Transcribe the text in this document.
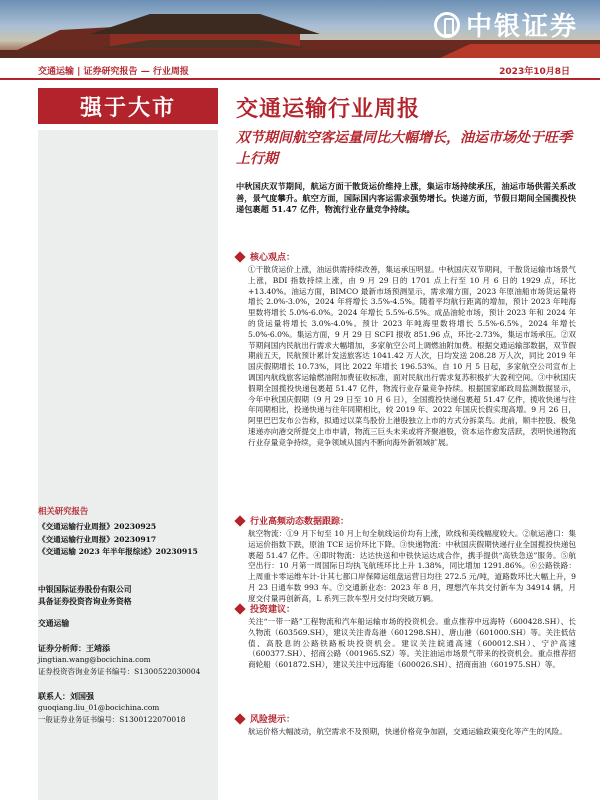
中银证券
交通运输 | 证券研究报告 — 行业周报	2023年10月8日
强于大市	交通运输行业周报
双节期间航空客运量同比大幅增长，油运市场处于旺季上行期
中秋国庆双节期间，航运方面干散货运价维持上涨，集运市场持续承压，油运市场供需关系改善，景气度攀升。航空方面，国际国内客运需求强势增长。快递方面，节假日期间全国揽投快递包裹超 51.47 亿件，物流行业存量竞争持续。
核心观点：
①干散货运价上涨，油运供需持续改善，集运承压明显。中秋国庆双节期间，干散货运输市场景气上涨，BDI 指数持续上涨，由 9 月 29 日的 1701 点上行至 10 月 6 日的 1929 点，环比+13.40%。油运方面，BIMCO 最新市场预测显示，需求端方面，2023 年原油船市场货运量将增长 2.0%-3.0%，2024 年将增长 3.5%-4.5%。随着平均航行距离的增加，预计 2023 年吨海里数将增长 5.0%-6.0%。2024 年增长 5.5%-6.5%。成品油轮市场，预计 2023 年和 2024 年的货运量将增长 3.0%-4.0%。预计 2023 年吨海里数将增长 5.5%-6.5%，2024 年增长 5.0%-6.0%。集运方面，9 月 29 日 SCFI 报收 851.96 点，环比-2.73%，集运市场承压。②双节期间国内民航出行需求大幅增加，多家航空公司上调燃油附加费。根据交通运输部数据，双节假期前五天，民航预计累计发送旅客达 1041.42 万人次，日均发送 208.28 万人次，同比 2019 年国庆假期增长 10.73%，同比 2022 年增长 196.53%。自 10 月 5 日起，多家航空公司宣布上调国内航线旅客运输燃油附加费征收标准，面对民航出行需求复苏积极扩大盈利空间。③中秋国庆假期全国揽投快递包裹超 51.47 亿件，物流行业存量竞争持续。根据国家邮政局监测数据显示，今年中秋国庆假期（9 月 29 日至 10 月 6 日），全国揽投快递包裹超 51.47 亿件，揽收快递与往年同期相比，投递快递与往年同期相比，较 2019 年、2022 年国庆长假实现高增。9 月 26 日，阿里巴巴发布公告称，拟通过以菜鸟股份上港股独立上市的方式分拆菜鸟。此前，顺丰控股、极兔速递亦向港交所提交上市申请，物流三巨头未来或将齐聚港股，资本运作愈发活跃，表明快递物流行业存量竞争持续，竞争领域从国内不断向海外新领域扩展。
行业高频动态数据跟踪：
航空物流：①9 月下旬至 10 月上旬全航线运价均有上涨，欧线和美线幅度较大。②航运港口：集运运价指数下跌，原油 TCE 运价环比下降。③快递物流：中秋国庆假期快递行业全国揽投快递包裹超 51.47 亿件。④即时物流：达达快送和中铁快运达成合作，携手提供“高铁急送”服务。⑤航空出行：10 月第一周国际日均执飞航班环比上升 1.38%，同比增加 1291.86%。⑥公路铁路：上周重卡零运维车计-计其七都口岸保障运组盘运营日均往 272.5 元/吨，道路数环比大幅上升，9 月 23 日通车数 993 车。⑦交通新业态：2023 年 8 月，理想汽车共交付新车为 34914 辆，月度交付量再创新高，L 系列三款车型月交付均突破万辆。
投资建议：
关注“一带一路”工程物流和汽车船运输市场的投资机会。重点推荐中远海特（600428.SH）、长久物流（603569.SH），建议关注青岛港（601298.SH）、唐山港（601000.SH）等。关注低估值、高股息的公路铁路板块投资机会。建议关注皖通高速（600012.SH）、宁沪高速（600377.SH）、招商公路（001965.SZ）等。关注油运市场景气带来的投资机会。重点推荐招商轮船（601872.SH），建议关注中远海能（600026.SH）、招商南油（601975.SH）等。
风险提示：
航运价格大幅波动，航空需求不及预期，快递价格竞争加剧，交通运输政策变化等产生的风险。
相关研究报告
《交通运输行业周报》20230925
《交通运输行业周报》20230917
《交通运输 2023 年半年报综述》20230915
中银国际证券股份有限公司
具备证券投资咨询业务资格
交通运输
证券分析师：王靖添
jingtian.wang@bocichina.com
证券投资咨询业务证书编号：S1300522030004
联系人：刘国强
guoqiang.liu_01@bocichina.com
一般证券业务证书编号：S1300122070018
